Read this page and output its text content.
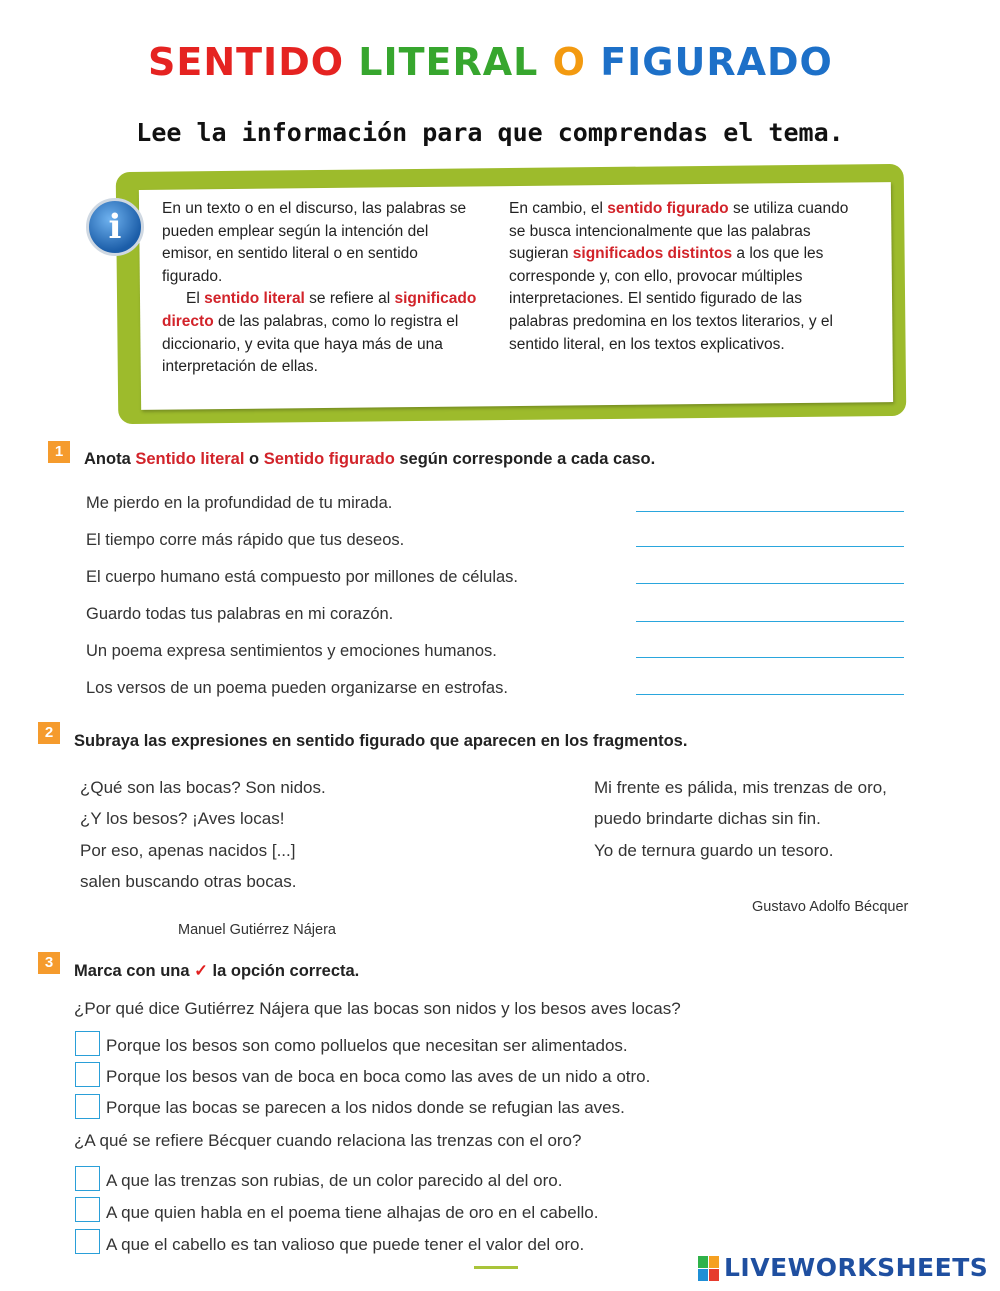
SENTIDO LITERAL O FIGURADO
Lee la información para que comprendas el tema.
i	En un texto o en el discurso, las palabras se pueden emplear según la intención del emisor, en sentido literal o en sentido figurado.
El sentido literal se refiere al significado directo de las palabras, como lo registra el diccionario, y evita que haya más de una interpretación de ellas.
En cambio, el sentido figurado se utiliza cuando se busca intencionalmente que las palabras sugieran significados distintos a los que les corresponde y, con ello, provocar múltiples interpretaciones. El sentido figurado de las palabras predomina en los textos literarios, y el sentido literal, en los textos explicativos.
1	Anota Sentido literal o Sentido figurado según corresponde a cada caso.
Me pierdo en la profundidad de tu mirada.
El tiempo corre más rápido que tus deseos.
El cuerpo humano está compuesto por millones de células.
Guardo todas tus palabras en mi corazón.
Un poema expresa sentimientos y emociones humanos.
Los versos de un poema pueden organizarse en estrofas.
2	Subraya las expresiones en sentido figurado que aparecen en los fragmentos.
¿Qué son las bocas? Son nidos.
¿Y los besos? ¡Aves locas!
Por eso, apenas nacidos [...]
salen buscando otras bocas.
Manuel Gutiérrez Nájera
Mi frente es pálida, mis trenzas de oro,
puedo brindarte dichas sin fin.
Yo de ternura guardo un tesoro.
Gustavo Adolfo Bécquer
3	Marca con una ✓ la opción correcta.
¿Por qué dice Gutiérrez Nájera que las bocas son nidos y los besos aves locas?
Porque los besos son como polluelos que necesitan ser alimentados.
Porque los besos van de boca en boca como las aves de un nido a otro.
Porque las bocas se parecen a los nidos donde se refugian las aves.
¿A qué se refiere Bécquer cuando relaciona las trenzas con el oro?
A que las trenzas son rubias, de un color parecido al del oro.
A que quien habla en el poema tiene alhajas de oro en el cabello.
A que el cabello es tan valioso que puede tener el valor del oro.
LIVEWORKSHEETS
